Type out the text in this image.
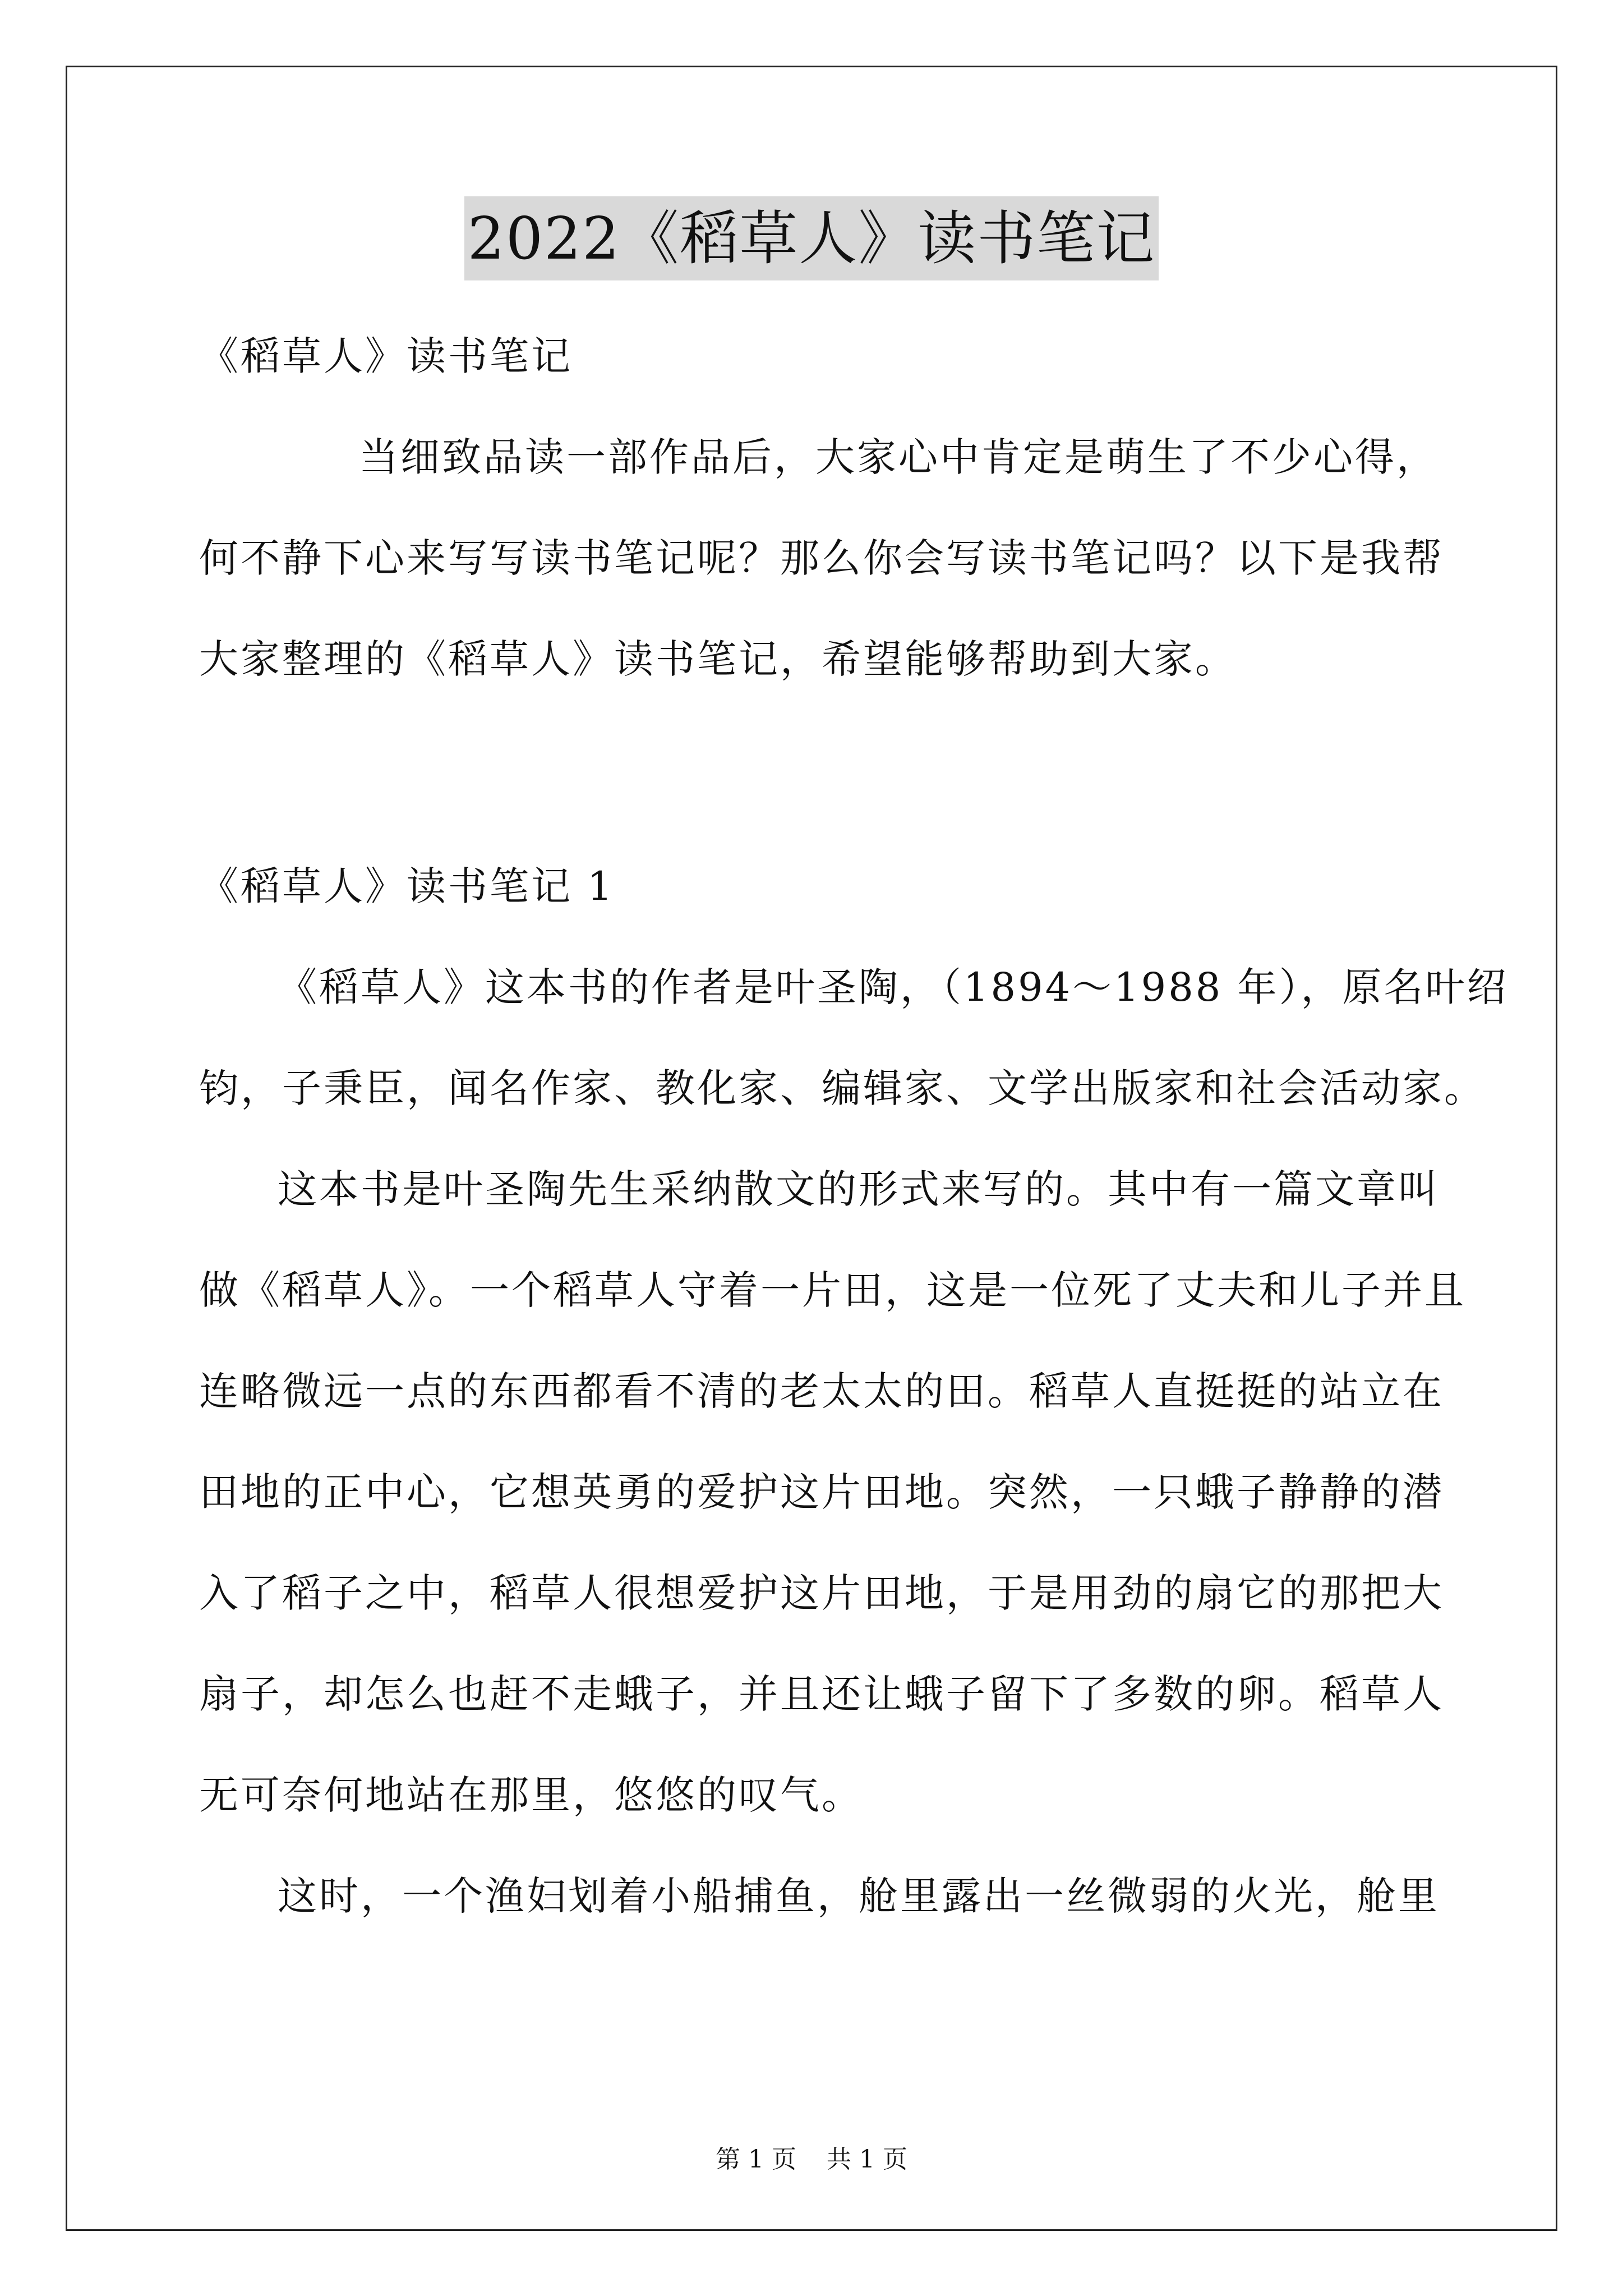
2022《稻草人》读书笔记
《稻草人》读书笔记
当细致品读一部作品后，大家心中肯定是萌生了不少心得，
何不静下心来写写读书笔记呢？那么你会写读书笔记吗？以下是我帮
大家整理的《稻草人》读书笔记，希望能够帮助到大家。
《稻草人》读书笔记 1
《稻草人》这本书的作者是叶圣陶，（1894～1988 年），原名叶绍
钧，子秉臣，闻名作家、教化家、编辑家、文学出版家和社会活动家。
这本书是叶圣陶先生采纳散文的形式来写的。其中有一篇文章叫
做《稻草人》。一个稻草人守着一片田，这是一位死了丈夫和儿子并且
连略微远一点的东西都看不清的老太太的田。稻草人直挺挺的站立在
田地的正中心，它想英勇的爱护这片田地。突然，一只蛾子静静的潜
入了稻子之中，稻草人很想爱护这片田地，于是用劲的扇它的那把大
扇子，却怎么也赶不走蛾子，并且还让蛾子留下了多数的卵。稻草人
无可奈何地站在那里，悠悠的叹气。
这时，一个渔妇划着小船捕鱼，舱里露出一丝微弱的火光，舱里
第 1 页 共 1 页
